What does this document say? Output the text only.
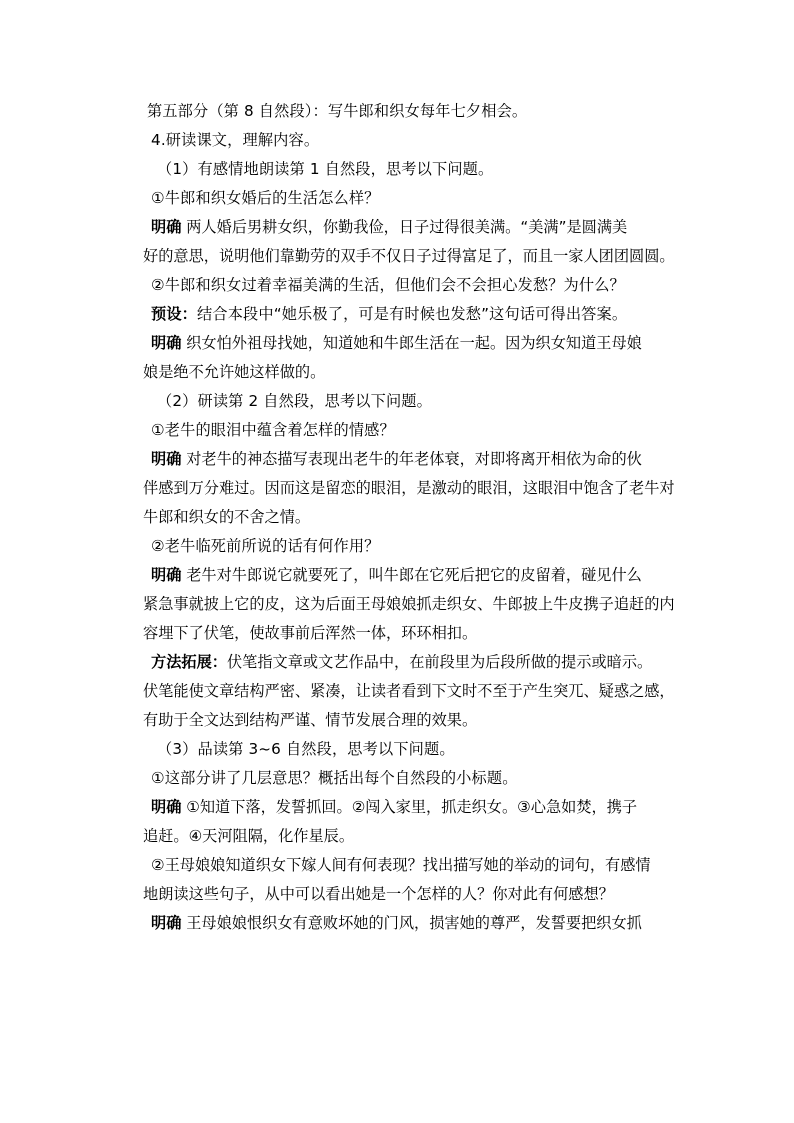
第五部分（第 8 自然段）：写牛郎和织女每年七夕相会。

4.研读课文，理解内容。

（1）有感情地朗读第 1 自然段，思考以下问题。

①牛郎和织女婚后的生活怎么样？

明确 两人婚后男耕女织，你勤我俭，日子过得很美满。“美满”是圆满美
好的意思，说明他们靠勤劳的双手不仅日子过得富足了，而且一家人团团圆圆。

②牛郎和织女过着幸福美满的生活，但他们会不会担心发愁？为什么？

预设：结合本段中“她乐极了，可是有时候也发愁”这句话可得出答案。

明确 织女怕外祖母找她，知道她和牛郎生活在一起。因为织女知道王母娘
娘是绝不允许她这样做的。

（2）研读第 2 自然段，思考以下问题。

①老牛的眼泪中蕴含着怎样的情感？

明确 对老牛的神态描写表现出老牛的年老体衰，对即将离开相依为命的伙
伴感到万分难过。因而这是留恋的眼泪，是激动的眼泪，这眼泪中饱含了老牛对
牛郎和织女的不舍之情。

②老牛临死前所说的话有何作用？

明确 老牛对牛郎说它就要死了，叫牛郎在它死后把它的皮留着，碰见什么
紧急事就披上它的皮，这为后面王母娘娘抓走织女、牛郎披上牛皮携子追赶的内
容埋下了伏笔，使故事前后浑然一体，环环相扣。
方法拓展：伏笔指文章或文艺作品中，在前段里为后段所做的提示或暗示。
伏笔能使文章结构严密、紧凑，让读者看到下文时不至于产生突兀、疑惑之感，
有助于全文达到结构严谨、情节发展合理的效果。

（3）品读第 3~6 自然段，思考以下问题。

①这部分讲了几层意思？概括出每个自然段的小标题。

明确 ①知道下落，发誓抓回。②闯入家里，抓走织女。③心急如焚，携子
追赶。④天河阻隔，化作星辰。
②王母娘娘知道织女下嫁人间有何表现？找出描写她的举动的词句，有感情
地朗读这些句子，从中可以看出她是一个怎样的人？你对此有何感想？
明确 王母娘娘恨织女有意败坏她的门风，损害她的尊严，发誓要把织女抓
